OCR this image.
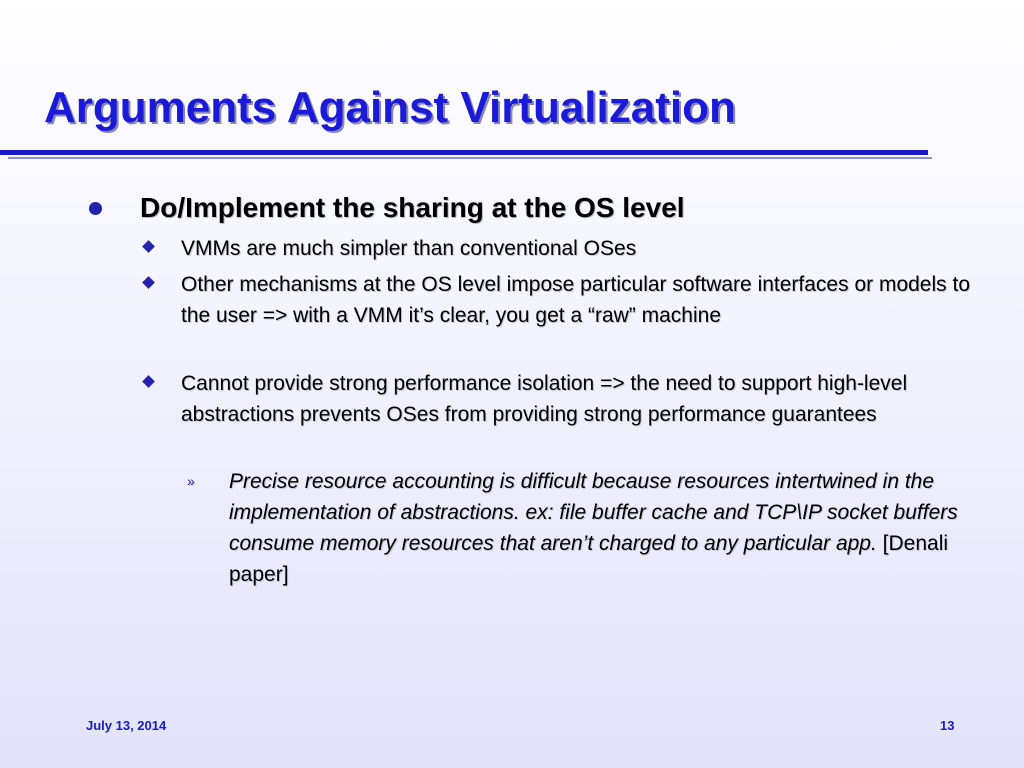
Arguments Against Virtualization
Do/Implement the sharing at the OS level
VMMs are much simpler than conventional OSes
Other mechanisms at the OS level impose particular software interfaces or models to the user => with a VMM it’s clear, you get a “raw” machine
Cannot provide strong performance isolation => the need to support high-level abstractions prevents OSes from providing strong performance guarantees
» Precise resource accounting is difficult because resources intertwined in the implementation of abstractions. ex: file buffer cache and TCP\IP socket buffers consume memory resources that aren’t charged to any particular app. [Denali paper]
July 13, 2014	13
